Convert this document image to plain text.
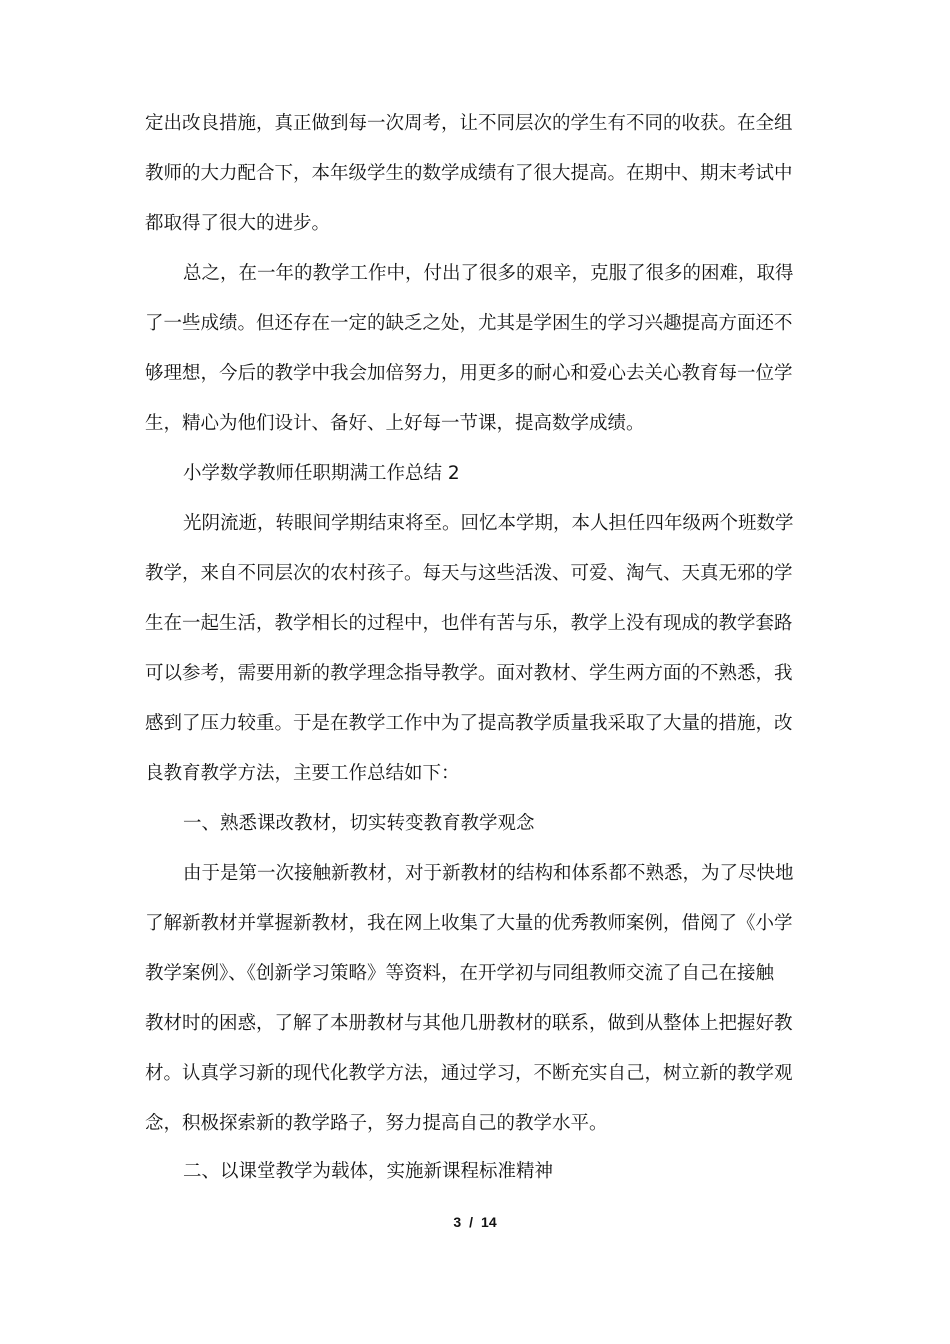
定出改良措施，真正做到每一次周考，让不同层次的学生有不同的收获。在全组
教师的大力配合下，本年级学生的数学成绩有了很大提高。在期中、期末考试中
都取得了很大的进步。
总之，在一年的教学工作中，付出了很多的艰辛，克服了很多的困难，取得
了一些成绩。但还存在一定的缺乏之处，尤其是学困生的学习兴趣提高方面还不
够理想，今后的教学中我会加倍努力，用更多的耐心和爱心去关心教育每一位学
生，精心为他们设计、备好、上好每一节课，提高数学成绩。
小学数学教师任职期满工作总结 2
光阴流逝，转眼间学期结束将至。回忆本学期，本人担任四年级两个班数学
教学，来自不同层次的农村孩子。每天与这些活泼、可爱、淘气、天真无邪的学
生在一起生活，教学相长的过程中，也伴有苦与乐，教学上没有现成的教学套路
可以参考，需要用新的教学理念指导教学。面对教材、学生两方面的不熟悉，我
感到了压力较重。于是在教学工作中为了提高教学质量我采取了大量的措施，改
良教育教学方法，主要工作总结如下：
一、熟悉课改教材，切实转变教育教学观念
由于是第一次接触新教材，对于新教材的结构和体系都不熟悉，为了尽快地
了解新教材并掌握新教材，我在网上收集了大量的优秀教师案例，借阅了《小学
教学案例》、《创新学习策略》等资料，在开学初与同组教师交流了自己在接触
教材时的困惑，了解了本册教材与其他几册教材的联系，做到从整体上把握好教
材。认真学习新的现代化教学方法，通过学习，不断充实自己，树立新的教学观
念，积极探索新的教学路子，努力提高自己的教学水平。
二、以课堂教学为载体，实施新课程标准精神
3 / 14
